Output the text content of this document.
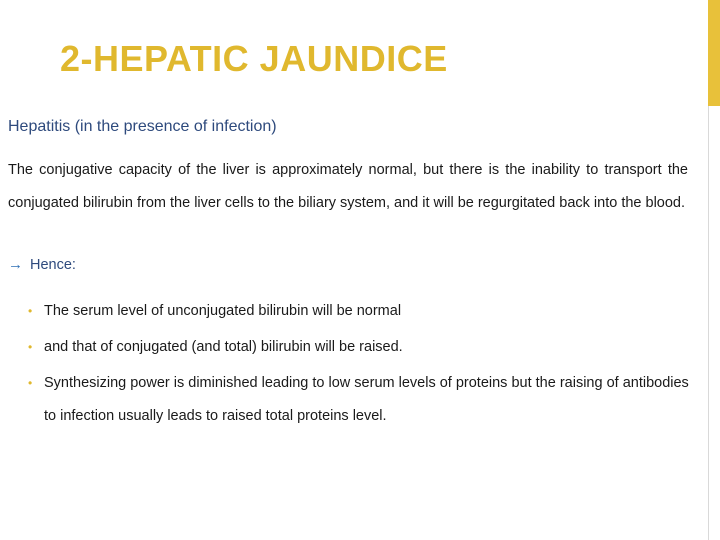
2-HEPATIC JAUNDICE

Hepatitis (in the presence of infection)

The conjugative capacity of the liver is approximately normal, but there is the inability to transport the conjugated bilirubin from the liver cells to the biliary system, and it will be regurgitated back into the blood.

→ Hence:

• The serum level of unconjugated bilirubin will be normal
• and that of conjugated (and total) bilirubin will be raised.
• Synthesizing power is diminished leading to low serum levels of proteins but the raising of antibodies to infection usually leads to raised total proteins level.
